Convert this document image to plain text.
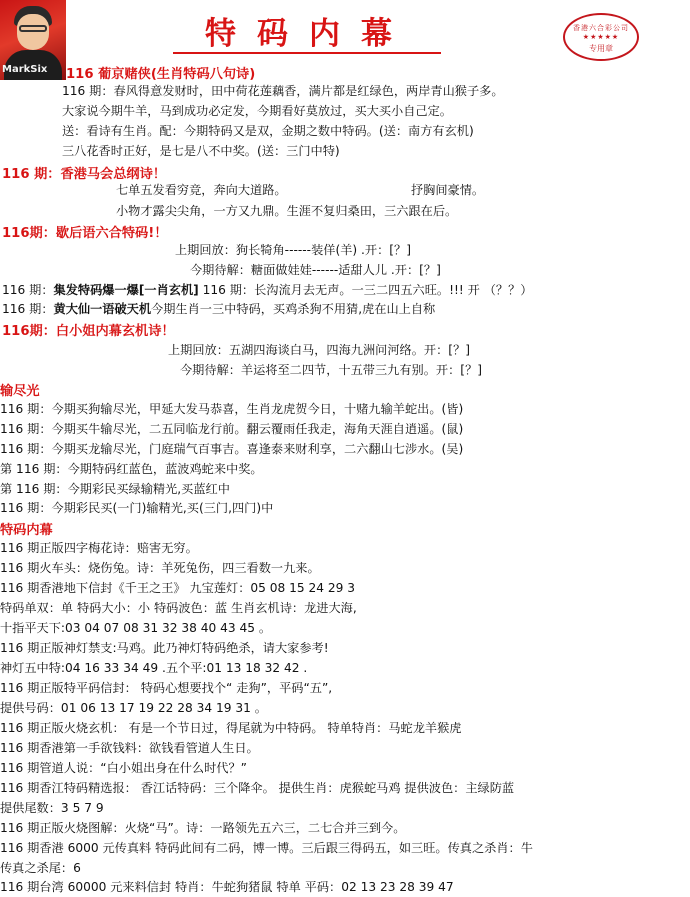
MarkSix
特码内幕	香港六合彩公司
★★★★★
专用章
116 葡京赌侠(生肖特码八句诗)
116 期：春风得意发财时，田中荷花莲藕香，满片都是红绿色，两岸青山猴子多。
大家说今期牛羊，马到成功必定发，今期看好莫放过，买大买小自己定。
送：看诗有生肖。配：今期特码又是双，金期之数中特码。(送：南方有玄机)
三八花香时正好，是七是八不中奖。(送：三门中特)
116 期：香港马会总纲诗！
七单五发看穷竞，奔向大道路。	抒胸间豪情。
小物才露尖尖角，一方又九鼎。生涯不复归桑田，三六跟在后。
116期：歇后语六合特码!！
上期回放：狗长犄角------装佯(羊) .开：[？]
今期待解：糖面做娃娃------适甜人儿 .开：[？]
116 期：集发特码爆一爆[一肖玄机] 116 期：长沟流月去无声。一三二四五六旺。!!! 开 （？？）
116 期：黄大仙一语破天机今期生肖一三中特码，买鸡杀狗不用猜,虎在山上自称
116期：白小姐内幕玄机诗！
上期回放：五湖四海谈白马，四海九洲问河络。开：[？]
今期待解：羊运将至二四节，十五带三九有别。开：[？]
输尽光
116 期：今期买狗输尽光，甲延大发马恭喜，生肖龙虎贺今日，十赌九输羊蛇出。(皆)
116 期：今期买牛输尽光，二五同临龙行前。翻云覆雨任我走，海角天涯自逍遥。(鼠)
116 期：今期买龙输尽光，门庭瑞气百事吉。喜逢泰来财利享，二六翻山七涉水。(吴)
第 116 期：今期特码红蓝色，蓝波鸡蛇来中奖。
第 116 期：今期彩民买绿输精光,买蓝红中
116 期：今期彩民买(一门)输精光,买(三门,四门)中
特码内幕
116 期正版四字梅花诗：赔害无穷。
116 期火车头：烧伤兔。诗：羊死兔伤，四三看数一九来。
116 期香港地下信封《千王之王》 九宝莲灯：05 08 15 24 29 3
特码单双：单 特码大小：小 特码波色：蓝 生肖玄机诗：龙进大海,
十指平天下:03 04 07 08 31 32 38 40 43 45 。
116 期正版神灯禁支:马鸡。此乃神灯特码绝杀，请大家参考!
神灯五中特:04 16 33 34 49 .五个平:01 13 18 32 42 .
116 期正版特平码信封： 特码心想要找个“ 走狗”，平码“五”,
提供号码：01 06 13 17 19 22 28 34 19 31 。
116 期正版火烧玄机： 有是一个节日过，得尾就为中特码。 特单特肖：马蛇龙羊猴虎
116 期香港第一手欲钱料：欲钱看管道人生日。
116 期管道人说：“白小姐出身在什么时代？”
116 期香江特码精选报： 香江话特码：三个降伞。 提供生肖：虎猴蛇马鸡 提供波色：主绿防蓝
提供尾数：3 5 7 9
116 期正版火烧图解：火烧“马”。诗：一路领先五六三，二七合并三到今。
116 期香港 6000 元传真料 特码此间有二码，博一博。三后跟三得码五，如三旺。传真之杀肖：牛
传真之杀尾：6
116 期台湾 60000 元来料信封 特肖：牛蛇狗猪鼠 特单 平码：02 13 23 28 39 47
